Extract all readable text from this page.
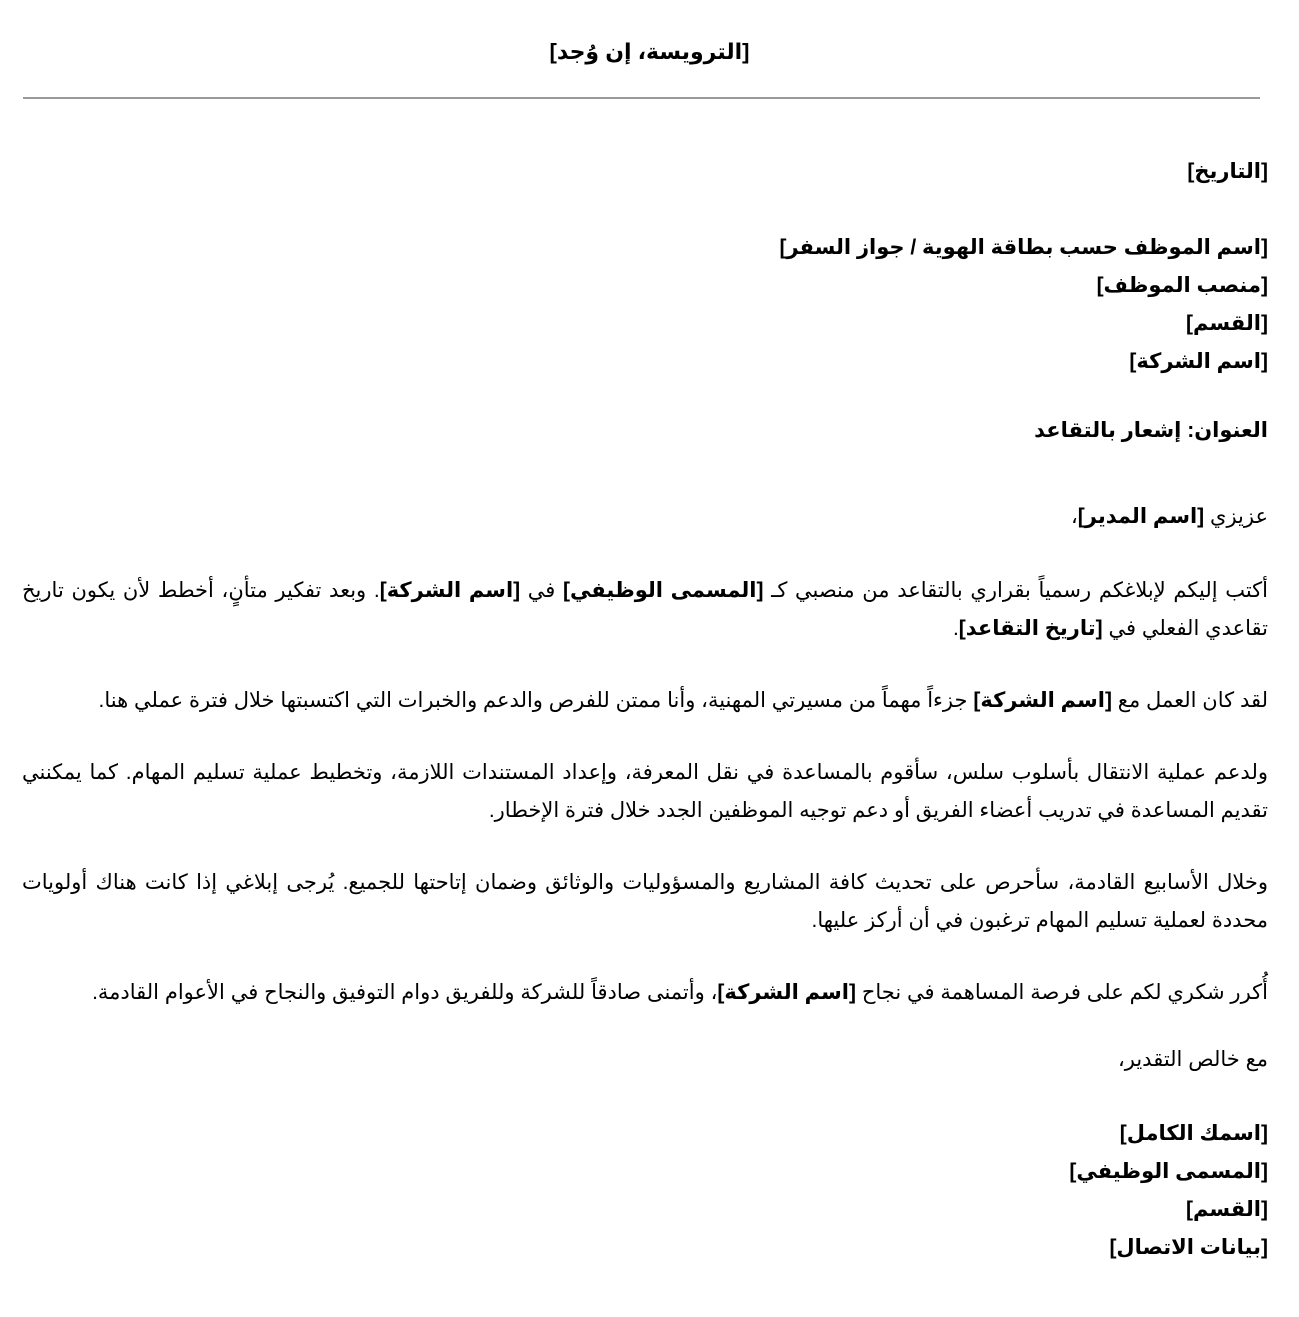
[الترويسة، إن وُجد]
[التاريخ]
[اسم الموظف حسب بطاقة الهوية / جواز السفر]
[منصب الموظف]
[القسم]
[اسم الشركة]
العنوان: إشعار بالتقاعد
عزيزي [اسم المدير]،

أكتب إليكم لإبلاغكم رسمياً بقراري بالتقاعد من منصبي كـ [المسمى الوظيفي] في [اسم الشركة]. وبعد تفكير متأنٍ، أخطط لأن يكون تاريخ تقاعدي الفعلي في [تاريخ التقاعد].

لقد كان العمل مع [اسم الشركة] جزءاً مهماً من مسيرتي المهنية، وأنا ممتن للفرص والدعم والخبرات التي اكتسبتها خلال فترة عملي هنا.

ولدعم عملية الانتقال بأسلوب سلس، سأقوم بالمساعدة في نقل المعرفة، وإعداد المستندات اللازمة، وتخطيط عملية تسليم المهام. كما يمكنني تقديم المساعدة في تدريب أعضاء الفريق أو دعم توجيه الموظفين الجدد خلال فترة الإخطار.

وخلال الأسابيع القادمة، سأحرص على تحديث كافة المشاريع والمسؤوليات والوثائق وضمان إتاحتها للجميع. يُرجى إبلاغي إذا كانت هناك أولويات محددة لعملية تسليم المهام ترغبون في أن أركز عليها.

أُكرر شكري لكم على فرصة المساهمة في نجاح [اسم الشركة]، وأتمنى صادقاً للشركة وللفريق دوام التوفيق والنجاح في الأعوام القادمة.

مع خالص التقدير،
[اسمك الكامل]
[المسمى الوظيفي]
[القسم]
[بيانات الاتصال]
